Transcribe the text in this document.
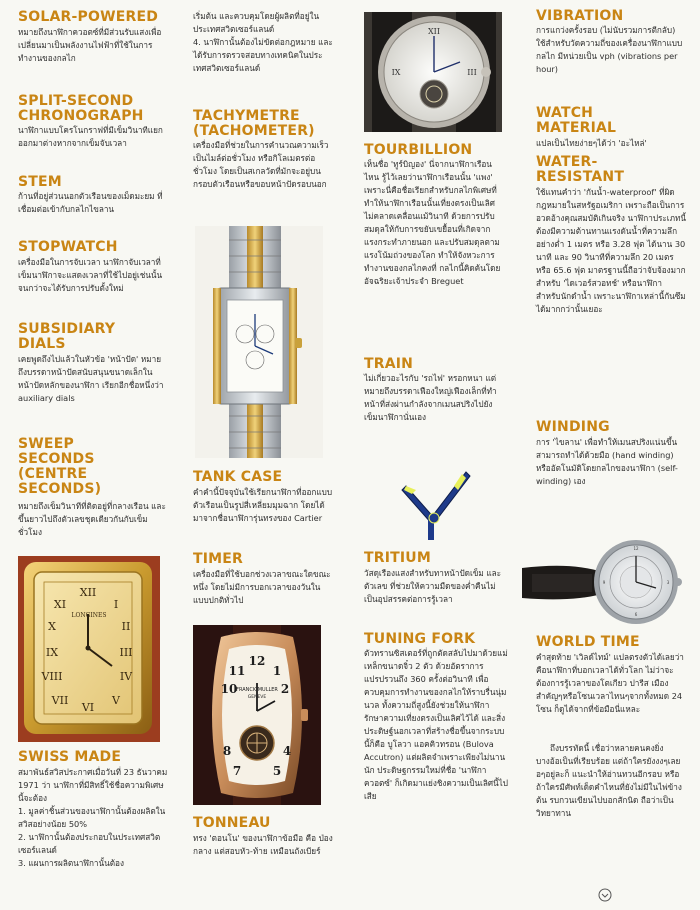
SOLAR-POWERED
หมายถึงนาฬิกาควอตซ์ที่มีส่วนรับแสงเพื่อเปลี่ยนมาเป็นพลังงานไฟฟ้าที่ใช้ในการทำงานของกลไก
SPLIT-SECOND
CHRONOGRAPH
นาฬิกาแบบโครโนกราฟที่มีเข็มวินาทีแยกออกมาต่างหากจากเข็มจับเวลา
STEM
ก้านที่อยู่ส่วนนอกตัวเรือนของเม็ดมะยม ที่เชื่อมต่อเข้ากับกลไกไขลาน
STOPWATCH
เครื่องมือในการจับเวลา นาฬิกาจับเวลาที่เข็มนาฬิกาจะแสดงเวลาที่ใช้ไปอยู่เช่นนั้นจนกว่าจะได้รับการปรับตั้งใหม่
SUBSIDIARY
DIALS
เคยพูดถึงไปแล้วในหัวข้อ 'หน้าปัด' หมายถึงบรรดาหน้าปัดสนับสนุนขนาดเล็กในหน้าปัดหลักของนาฬิกา เรียกอีกชื่อหนึ่งว่า auxiliary dials
SWEEP
SECONDS
(CENTRE
SECONDS)
หมายถึงเข็มวินาทีที่ติดอยู่ที่กลางเรือน และขึ้นยาวไปถึงตัวเลขชุดเดียวกันกับเข็มชั่วโมง
XII
I
II
III
IV
V
VI
VII
VIII
IX
X
XI
LONGINES
SWISS MADE

สมาพันธ์สวิสประกาศเมื่อวันที่ 23 ธันวาคม 1971 ว่า นาฬิกาที่มีสิทธิ์ใช้ชื่อความพิเศษนี้จะต้อง

1. มูลค่าชิ้นส่วนของนาฬิกานั้นต้องผลิตในสวิสอย่างน้อย 50%

2. นาฬิกานั้นต้องประกอบในประเทศสวิตเซอร์แลนด์

3. แผนการผลิตนาฬิกานั้นต้อง

เริ่มต้น และควบคุมโดยผู้ผลิตที่อยู่ในประเทศสวิตเซอร์แลนด์

4. นาฬิกานั้นต้องไม่ขัดต่อกฎหมาย และได้รับการตรวจสอบทางเทคนิคในประเทศสวิตเซอร์แลนด์

TACHYMETRE
(TACHOMETER)
เครื่องมือที่ช่วยในการคำนวณความเร็วเป็นไมล์ต่อชั่วโมง หรือกิโลเมตรต่อชั่วโมง โดยเป็นสเกลวัดที่มักจะอยู่บนกรอบตัวเรือนหรือขอบหน้าปัดรอบนอก
TANK CASE
คำคำนี้ปัจจุบันใช้เรียกนาฬิกาที่ออกแบบตัวเรือนเป็นรูปสี่เหลี่ยมมุมฉาก โดยได้มาจากชื่อนาฬิการุ่นทรงของ Cartier
TIMER
เครื่องมือที่ใช้บอกช่วงเวลาขณะใดขณะหนึ่ง โดยไม่มีการบอกเวลาของวันในแบบปกติทั่วไป
12
1
2
11
10
4
5
7
8
FRANCK MULLER
GENEVE
TONNEAU
ทรง 'ตอนโน' ของนาฬิกาข้อมือ คือ ป่องกลาง แต่สอบหัว-ท้าย เหมือนถังเบียร์
XII
III
IX
TOURBILLION
เห็นชื่อ 'ทูร์บิญอง' นี่จากนาฬิกาเรือนไหน รู้ไว้เลยว่านาฬิกาเรือนนั้น 'แพง' เพราะนี่คือชื่อเรียกสำหรับกลไกพิเศษที่ทำให้นาฬิกาเรือนนั้นเที่ยงตรงเป็นเลิศไม่คลาดเคลื่อนแม้วินาที ด้วยการปรับสมดุลให้กับการขยับเขยื้อนที่เกิดจากแรงกระทำภายนอก และปรับสมดุลตามแรงโน้มถ่วงของโลก ทำให้จังหวะการทำงานของกลไกคงที่ กลไกนี้คิดค้นโดยอัจฉริยะเจ้าประจำ Breguet
TRAIN
ไม่เกี่ยวอะไรกับ 'รถไฟ' หรอกหนา แต่หมายถึงบรรดาเฟืองใหญ่เฟืองเล็กที่ทำหน้าที่ส่งผ่านกำลังจากเมนสปริงไปยังเข็มนาฬิกานั่นเอง
TRITIUM
วัสดุเรืองแสงสำหรับทาหน้าปัดเข็ม และตัวเลข ที่ช่วยให้ความมืดของค่ำคืนไม่เป็นอุปสรรคต่อการรู้เวลา
TUNING FORK
ตัวทรานซิสเตอร์ที่ถูกตัดสลับไปมาด้วยแม่เหล็กขนาดจิ๋ว 2 ตัว ด้วยอัตราการแปรปรวนถึง 360 ครั้งต่อวินาที เพื่อควบคุมการทำงานของกลไกให้ราบรื่นนุ่มนวล ทั้งความถี่สูงนี้ยังช่วยให้นาฬิการักษาความเที่ยงตรงเป็นเลิศไว้ได้ และสิ่งประดิษฐ์นอกเวลาที่สร้างชื่อขึ้นจากระบบนี้ก็คือ บูโลวา แอคคิวทรอน (Bulova Accutron) แต่ผลิตจำเพราะเพียงไม่นานนัก ประดิษฐกรรมใหม่ที่ชื่อ 'นาฬิกาควอตซ์' ก็เกิดมาแย่งชิงความเป็นเลิศนี้ไปเสีย
VIBRATION
การแกว่งครั้งรอบ (ไม่นับรวมการตีกลับ) ใช้สำหรับวัดความถี่ของเครื่องนาฬิกาแบบกลไก มีหน่วยเป็น vph (vibrations per hour)
WATCH
MATERIAL
แปลเป็นไทยง่ายๆได้ว่า 'อะไหล่'
WATER-
RESISTANT
ใช้แทนคำว่า 'กันน้ำ-waterproof' ที่ผิดกฎหมายในสหรัฐอเมริกา เพราะถือเป็นการอวดอ้างคุณสมบัติเกินจริง นาฬิกาประเภทนี้ต้องมีความต้านทานแรงดันน้ำที่ความลึกอย่างต่ำ 1 เมตร หรือ 3.28 ฟุต ได้นาน 30 นาที และ 90 วินาทีที่ความลึก 20 เมตร หรือ 65.6 ฟุต มาตรฐานนี้ถือว่าจับจ้องมากสำหรับ 'ไดเวอร์สวอทช์' หรือนาฬิกาสำหรับนักดำน้ำ เพราะนาฬิกาเหล่านี้กันซึมได้มากกว่านั้นเยอะ
WINDING
การ 'ไขลาน' เพื่อทำให้เมนสปริงแน่นขึ้น สามารถทำได้ด้วยมือ (hand winding) หรืออัตโนมัติโดยกลไกของนาฬิกา (self-winding) เอง
12
3
6
9
WORLD TIME
คำสุดท้าย 'เวิลด์ไทม์' แปลตรงตัวได้เลยว่าคือนาฬิกาที่บอกเวลาได้ทั่วโลก ไม่ว่าจะต้องการรู้เวลาของโตเกียว ปารีส เมืองสำคัญๆหรือโซนเวลาไหนๆจากทั้งหมด 24 โซน ก็ดูได้จากที่ข้อมือนี่แหละ
ถึงบรรทัดนี้ เชื่อว่าหลายคนคงยิ่งบางอ้อเป็นที่เรียบร้อย แต่ถ้าใครยังงงๆเลยอๆอยู่ละก็ แนะนำให้อ่านทวนอีกรอบ หรือถ้าใครมีศัพท์เด็ดคำไหนที่ยังไม่มีในไพ่ข้างต้น รบกวนเขียนไปบอกสักนิด ถือว่าเป็นวิทยาทาน
